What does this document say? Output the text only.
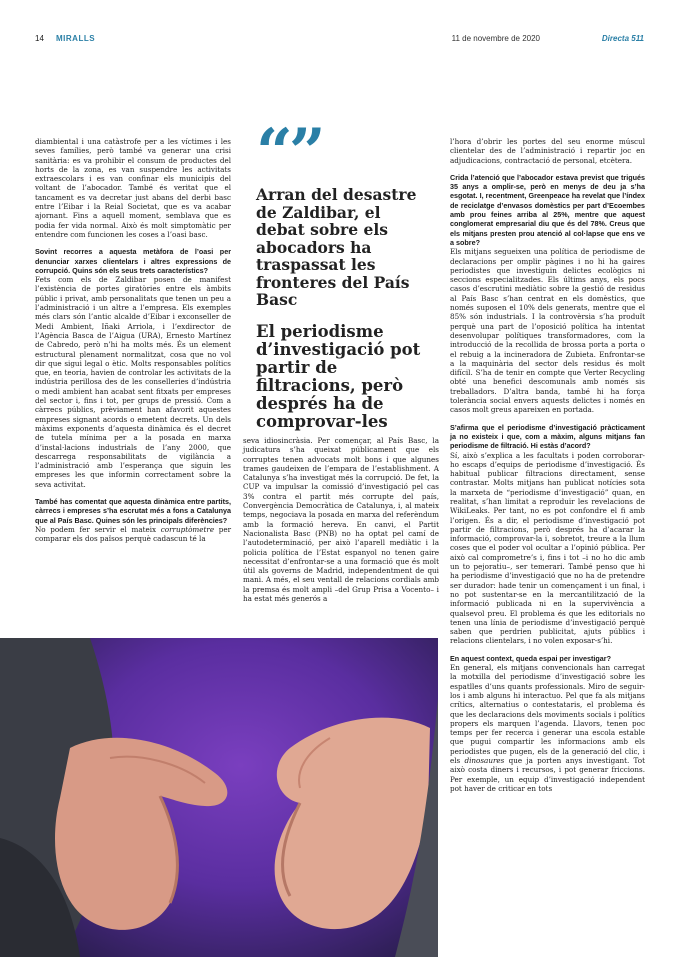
14 MIRALLS	11 de novembre de 2020	Directa 511

diambiental i una catàstrofe per a les víctimes i les seves famílies, però també va generar una crisi sanitària: es va prohibir el consum de productes del horts de la zona, es van suspendre les activitats extraescolars i es van confinar els municipis del voltant de l’abocador. També és veritat que el tancament es va decretar just abans del derbi basc entre l’Eibar i la Reial Societat, que es va acabar ajornant. Fins a aquell moment, semblava que es podia fer vida normal. Això és molt simptomàtic per entendre com funcionen les coses a l’oasi basc.

Sovint recorres a aquesta metàfora de l’oasi per denunciar xarxes clientelars i altres expressions de corrupció. Quins són els seus trets característics?

Fets com els de Zaldibar posen de manifest l’existència de portes giratòries entre els àmbits públic i privat, amb personalitats que tenen un peu a l’administració i un altre a l’empresa. Els exemples més clars són l’antic alcalde d’Eibar i exconseller de Medi Ambient, Iñaki Arriola, i l’exdirector de l’Agència Basca de l’Aigua (URA), Ernesto Martínez de Cabredo, però n’hi ha molts més. És un element estructural plenament normalitzat, cosa que no vol dir que sigui legal o ètic. Molts responsables polítics que, en teoria, havien de controlar les activitats de la indústria perillosa des de les conselleries d’indústria o medi ambient han acabat sent fitxats per empreses del sector i, fins i tot, per grups de pressió. Com a càrrecs públics, prèviament han afavorit aquestes empreses signant acords o emetent decrets. Un dels màxims exponents d’aquesta dinàmica és el decret de tutela mínima per a la posada en marxa d’instal·lacions industrials de l’any 2000, que descarrega responsabilitats de vigilància a l’administració amb l’esperança que siguin les empreses les que informin correctament sobre la seva activitat.

També has comentat que aquesta dinàmica entre partits, càrrecs i empreses s’ha escrutat més a fons a Catalunya que al País Basc. Quines són les principals diferències?

No podem fer servir el mateix corruptòmetre per comparar els dos països perquè cadascun té la

“”
Arran del desastre de Zaldibar, el debat sobre els abocadors ha traspassat les fronteres del País Basc
El periodisme d’investigació pot partir de filtracions, però després ha de comprovar-les

seva idiosincràsia. Per començar, al País Basc, la judicatura s’ha queixat públicament que els corruptes tenen advocats molt bons i que algunes trames gaudeixen de l’empara de l’establishment. A Catalunya s’ha investigat més la corrupció. De fet, la CUP va impulsar la comissió d’investigació pel cas 3% contra el partit més corrupte del país, Convergència Democràtica de Catalunya, i, al mateix temps, negociava la posada en marxa del referèndum amb la formació hereva. En canvi, el Partit Nacionalista Basc (PNB) no ha optat pel camí de l’autodeterminació, per això l’aparell mediàtic i la policia política de l’Estat espanyol no tenen gaire necessitat d’enfrontar-se a una formació que és molt útil als governs de Madrid, independentment de qui mani. A més, el seu ventall de relacions cordials amb la premsa és molt ampli –del Grup Prisa a Vocento– i ha estat més generós a

l’hora d’obrir les portes del seu enorme múscul clientelar des de l’administració i repartir joc en adjudicacions, contractació de personal, etcètera.

Crida l’atenció que l’abocador estava previst que trigués 35 anys a omplir-se, però en menys de deu ja s’ha esgotat. I, recentment, Greenpeace ha revelat que l’índex de reciclatge d’envasos domèstics per part d’Ecoembes amb prou feines arriba al 25%, mentre que aquest conglomerat empresarial diu que és del 78%. Creus que els mitjans presten prou atenció al col·lapse que ens ve a sobre?

Els mitjans segueixen una política de periodisme de declaracions per omplir pàgines i no hi ha gaires periodistes que investiguin delictes ecològics ni seccions especialitzades. Els últims anys, els pocs casos d’escrutini mediàtic sobre la gestió de residus al País Basc s’han centrat en els domèstics, que només suposen el 10% dels generats, mentre que el 85% són industrials. I la controvèrsia s’ha produït perquè una part de l’oposició política ha intentat desenvolupar polítiques transformadores, com la introducció de la recollida de brossa porta a porta o el rebuig a la incineradora de Zubieta. Enfrontar-se a la maquinària del sector dels residus és molt difícil. S’ha de tenir en compte que Verter Recycling obté una benefici descomunals amb només sis treballadors. D’altra banda, també hi ha força tolerància social envers aquests delictes i només en casos molt greus apareixen en portada.

S’afirma que el periodisme d’investigació pràcticament ja no existeix i que, com a màxim, alguns mitjans fan periodisme de filtració. Hi estàs d’acord?

Sí, això s’explica a les facultats i poden corroborar-ho escaps d’equips de periodisme d’investigació. És habitual publicar filtracions directament, sense contrastar. Molts mitjans han publicat notícies sota la marxeta de “periodisme d’investigació” quan, en realitat, s’han limitat a reproduir les revelacions de WikiLeaks. Per tant, no es pot confondre el fi amb l’origen. És a dir, el periodisme d’investigació pot partir de filtracions, però després ha d’acarar la informació, comprovar-la i, sobretot, treure a la llum coses que el poder vol ocultar a l’opinió pública. Per això cal comprometre’s i, fins i tot –i no ho dic amb un to pejoratiu–, ser temerari. També penso que hi ha periodisme d’investigació que no ha de pretendre ser durador: hade tenir un començament i un final, i no pot sustentar-se en la mercantilització de la informació publicada ni en la supervivència a qualsevol preu. El problema és que les editorials no tenen una línia de periodisme d’investigació perquè saben que perdrien publicitat, ajuts públics i relacions clientelars, i no volen exposar-s’hi.

En aquest context, queda espai per investigar?

En general, els mitjans convencionals han carregat la motxilla del periodisme d’investigació sobre les espatlles d’uns quants professionals. Miro de seguir-los i amb alguns hi interactuo. Pel que fa als mitjans crítics, alternatius o contestataris, el problema és que les declaracions dels moviments socials i polítics propers els marquen l’agenda. Llavors, tenen poc temps per fer recerca i generar una escola estable que pugui compartir les informacions amb els periodistes que pugen, els de la generació del clic, i els dinosaures que ja porten anys investigant. Tot això costa diners i recursos, i pot generar friccions. Per exemple, un equip d’investigació independent pot haver de criticar en tots
